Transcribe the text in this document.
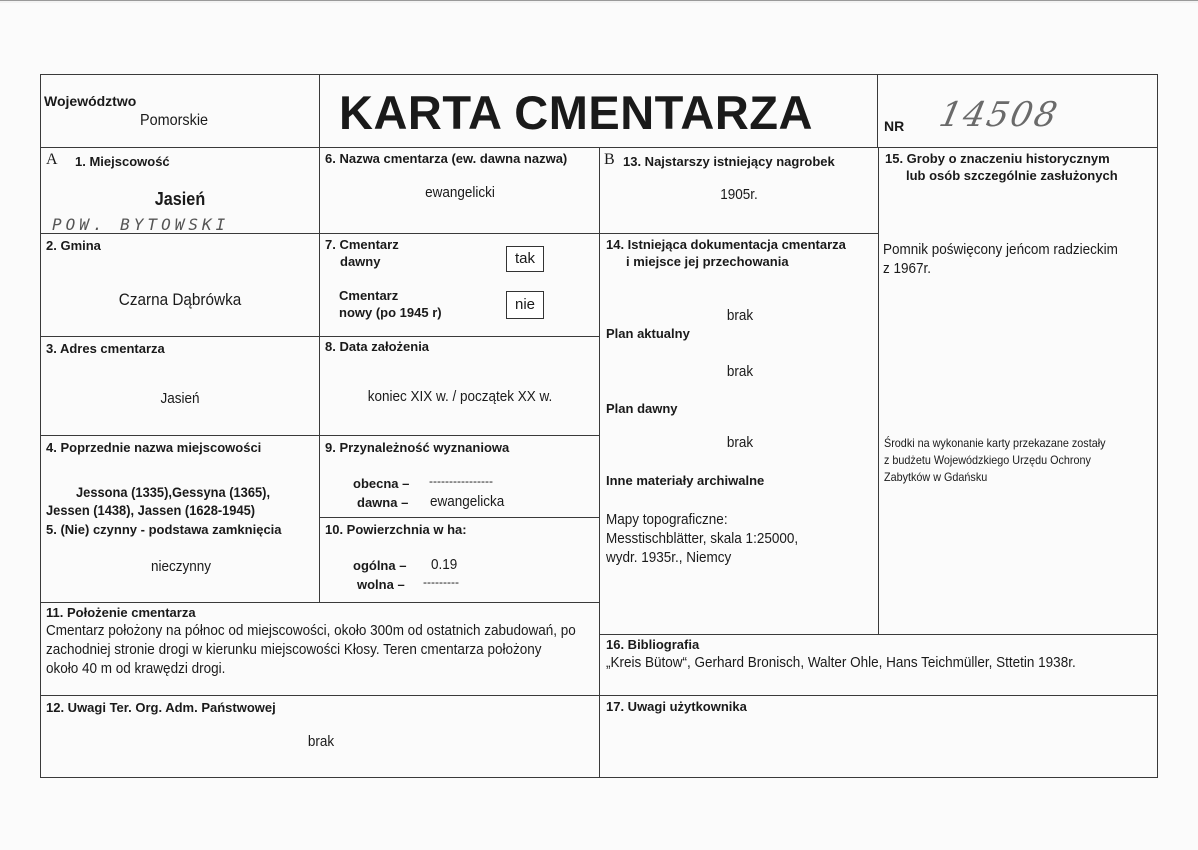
Województwo
Pomorskie	KARTA CMENTARZA	NR 14508
A 1. Miejscowość
Jasień
POW. BYTOWSKI
2. Gmina
Czarna Dąbrówka
3. Adres cmentarza
Jasień
4. Poprzednie nazwa miejscowości
Jessona (1335),Gessyna (1365),
Jessen (1438), Jassen (1628-1945)
5. (Nie) czynny - podstawa zamknięcia
nieczynny
6. Nazwa cmentarza (ew. dawna nazwa)
ewangelicki
7. Cmentarz
dawny	tak
Cmentarz
nowy (po 1945 r)	nie
8. Data założenia
koniec XIX w. / początek XX w.
9. Przynależność wyznaniowa
obecna – ----------------
dawna – ewangelicka
10. Powierzchnia w ha:
ogólna – 0.19
wolna – ---------
11. Położenie cmentarza
Cmentarz położony na północ od miejscowości, około 300m od ostatnich zabudowań, po
zachodniej stronie drogi w kierunku miejscowości Kłosy. Teren cmentarza położony
około 40 m od krawędzi drogi.
12. Uwagi Ter. Org. Adm. Państwowej
brak
B 13. Najstarszy istniejący nagrobek
1905r.
14. Istniejąca dokumentacja cmentarza
i miejsce jej przechowania
brak
Plan aktualny
brak
Plan dawny
brak
Inne materiały archiwalne
Mapy topograficzne:
Messtischblätter, skala 1:25000,
wydr. 1935r., Niemcy
15. Groby o znaczeniu historycznym
lub osób szczególnie zasłużonych
Pomnik poświęcony jeńcom radzieckim
z 1967r.
Środki na wykonanie karty przekazane zostały
z budżetu Wojewódzkiego Urzędu Ochrony
Zabytków w Gdańsku
16. Bibliografia
„Kreis Bütow“, Gerhard Bronisch, Walter Ohle, Hans Teichmüller, Sttetin 1938r.
17. Uwagi użytkownika
